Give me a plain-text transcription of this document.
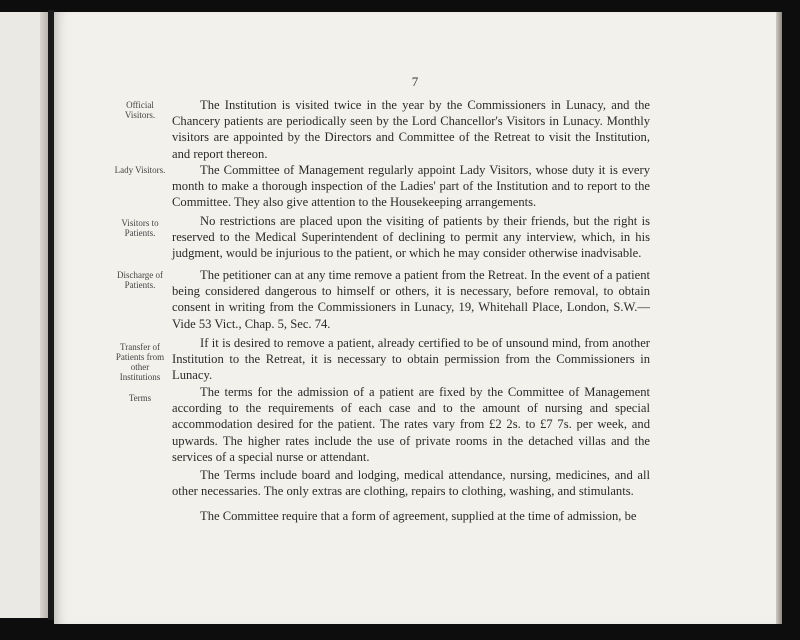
7
Official Visitors.
Lady Visitors.
Visitors to Patients.
Discharge of Patients.
Transfer of Patients from other Institutions
Terms

The Institution is visited twice in the year by the Commissioners in Lunacy, and the Chancery patients are periodically seen by the Lord Chancellor's Visitors in Lunacy. Monthly visitors are appointed by the Directors and Committee of the Retreat to visit the Institution, and report thereon.

The Committee of Management regularly appoint Lady Visitors, whose duty it is every month to make a thorough inspection of the Ladies' part of the Institution and to report to the Committee. They also give attention to the Housekeeping arrangements.

No restrictions are placed upon the visiting of patients by their friends, but the right is reserved to the Medical Superintendent of declining to permit any interview, which, in his judgment, would be injurious to the patient, or which he may consider otherwise inadvisable.

The petitioner can at any time remove a patient from the Retreat. In the event of a patient being considered dangerous to himself or others, it is necessary, before removal, to obtain consent in writing from the Commissioners in Lunacy, 19, Whitehall Place, London, S.W.—Vide 53 Vict., Chap. 5, Sec. 74.

If it is desired to remove a patient, already certified to be of unsound mind, from another Institution to the Retreat, it is necessary to obtain permission from the Commissioners in Lunacy.

The terms for the admission of a patient are fixed by the Committee of Management according to the requirements of each case and to the amount of nursing and special accommodation desired for the patient. The rates vary from £2 2s. to £7 7s. per week, and upwards. The higher rates include the use of private rooms in the detached villas and the services of a special nurse or attendant.

The Terms include board and lodging, medical attendance, nursing, medicines, and all other necessaries. The only extras are clothing, repairs to clothing, washing, and stimulants.

The Committee require that a form of agreement, supplied at the time of admission, be
